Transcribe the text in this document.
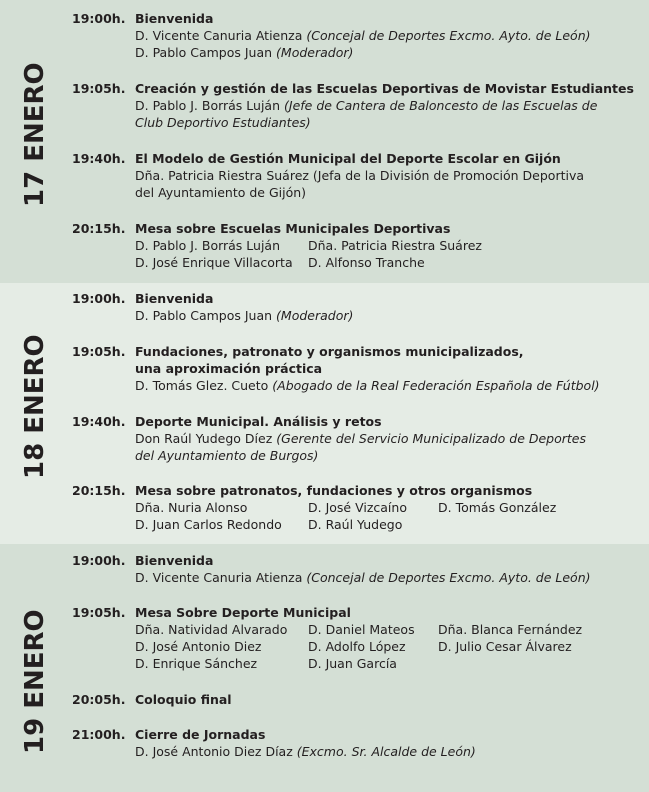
17 ENERO
19:00h. Bienvenida
D. Vicente Canuria Atienza (Concejal de Deportes Excmo. Ayto. de León)
D. Pablo Campos Juan (Moderador)
19:05h. Creación y gestión de las Escuelas Deportivas de Movistar Estudiantes
D. Pablo J. Borrás Luján (Jefe de Cantera de Baloncesto de las Escuelas de
Club Deportivo Estudiantes)
19:40h. El Modelo de Gestión Municipal del Deporte Escolar en Gijón
Dña. Patricia Riestra Suárez (Jefa de la División de Promoción Deportiva
del Ayuntamiento de Gijón)
20:15h. Mesa sobre Escuelas Municipales Deportivas
D. Pablo J. Borrás Luján Dña. Patricia Riestra Suárez
D. José Enrique Villacorta D. Alfonso Tranche
18 ENERO
19:00h. Bienvenida
D. Pablo Campos Juan (Moderador)
19:05h. Fundaciones, patronato y organismos municipalizados,
una aproximación práctica
D. Tomás Glez. Cueto (Abogado de la Real Federación Española de Fútbol)
19:40h. Deporte Municipal. Análisis y retos
Don Raúl Yudego Díez (Gerente del Servicio Municipalizado de Deportes
del Ayuntamiento de Burgos)
20:15h. Mesa sobre patronatos, fundaciones y otros organismos
Dña. Nuria Alonso	D. José Vizcaíno D. Tomás González
D. Juan Carlos Redondo D. Raúl Yudego
19 ENERO
19:00h. Bienvenida
D. Vicente Canuria Atienza (Concejal de Deportes Excmo. Ayto. de León)
19:05h. Mesa Sobre Deporte Municipal
Dña. Natividad Alvarado D. Daniel Mateos Dña. Blanca Fernández
D. José Antonio Diez	D. Adolfo López	D. Julio Cesar Álvarez
D. Enrique Sánchez	D. Juan García
20:05h. Coloquio final
21:00h. Cierre de Jornadas
D. José Antonio Diez Díaz (Excmo. Sr. Alcalde de León)
